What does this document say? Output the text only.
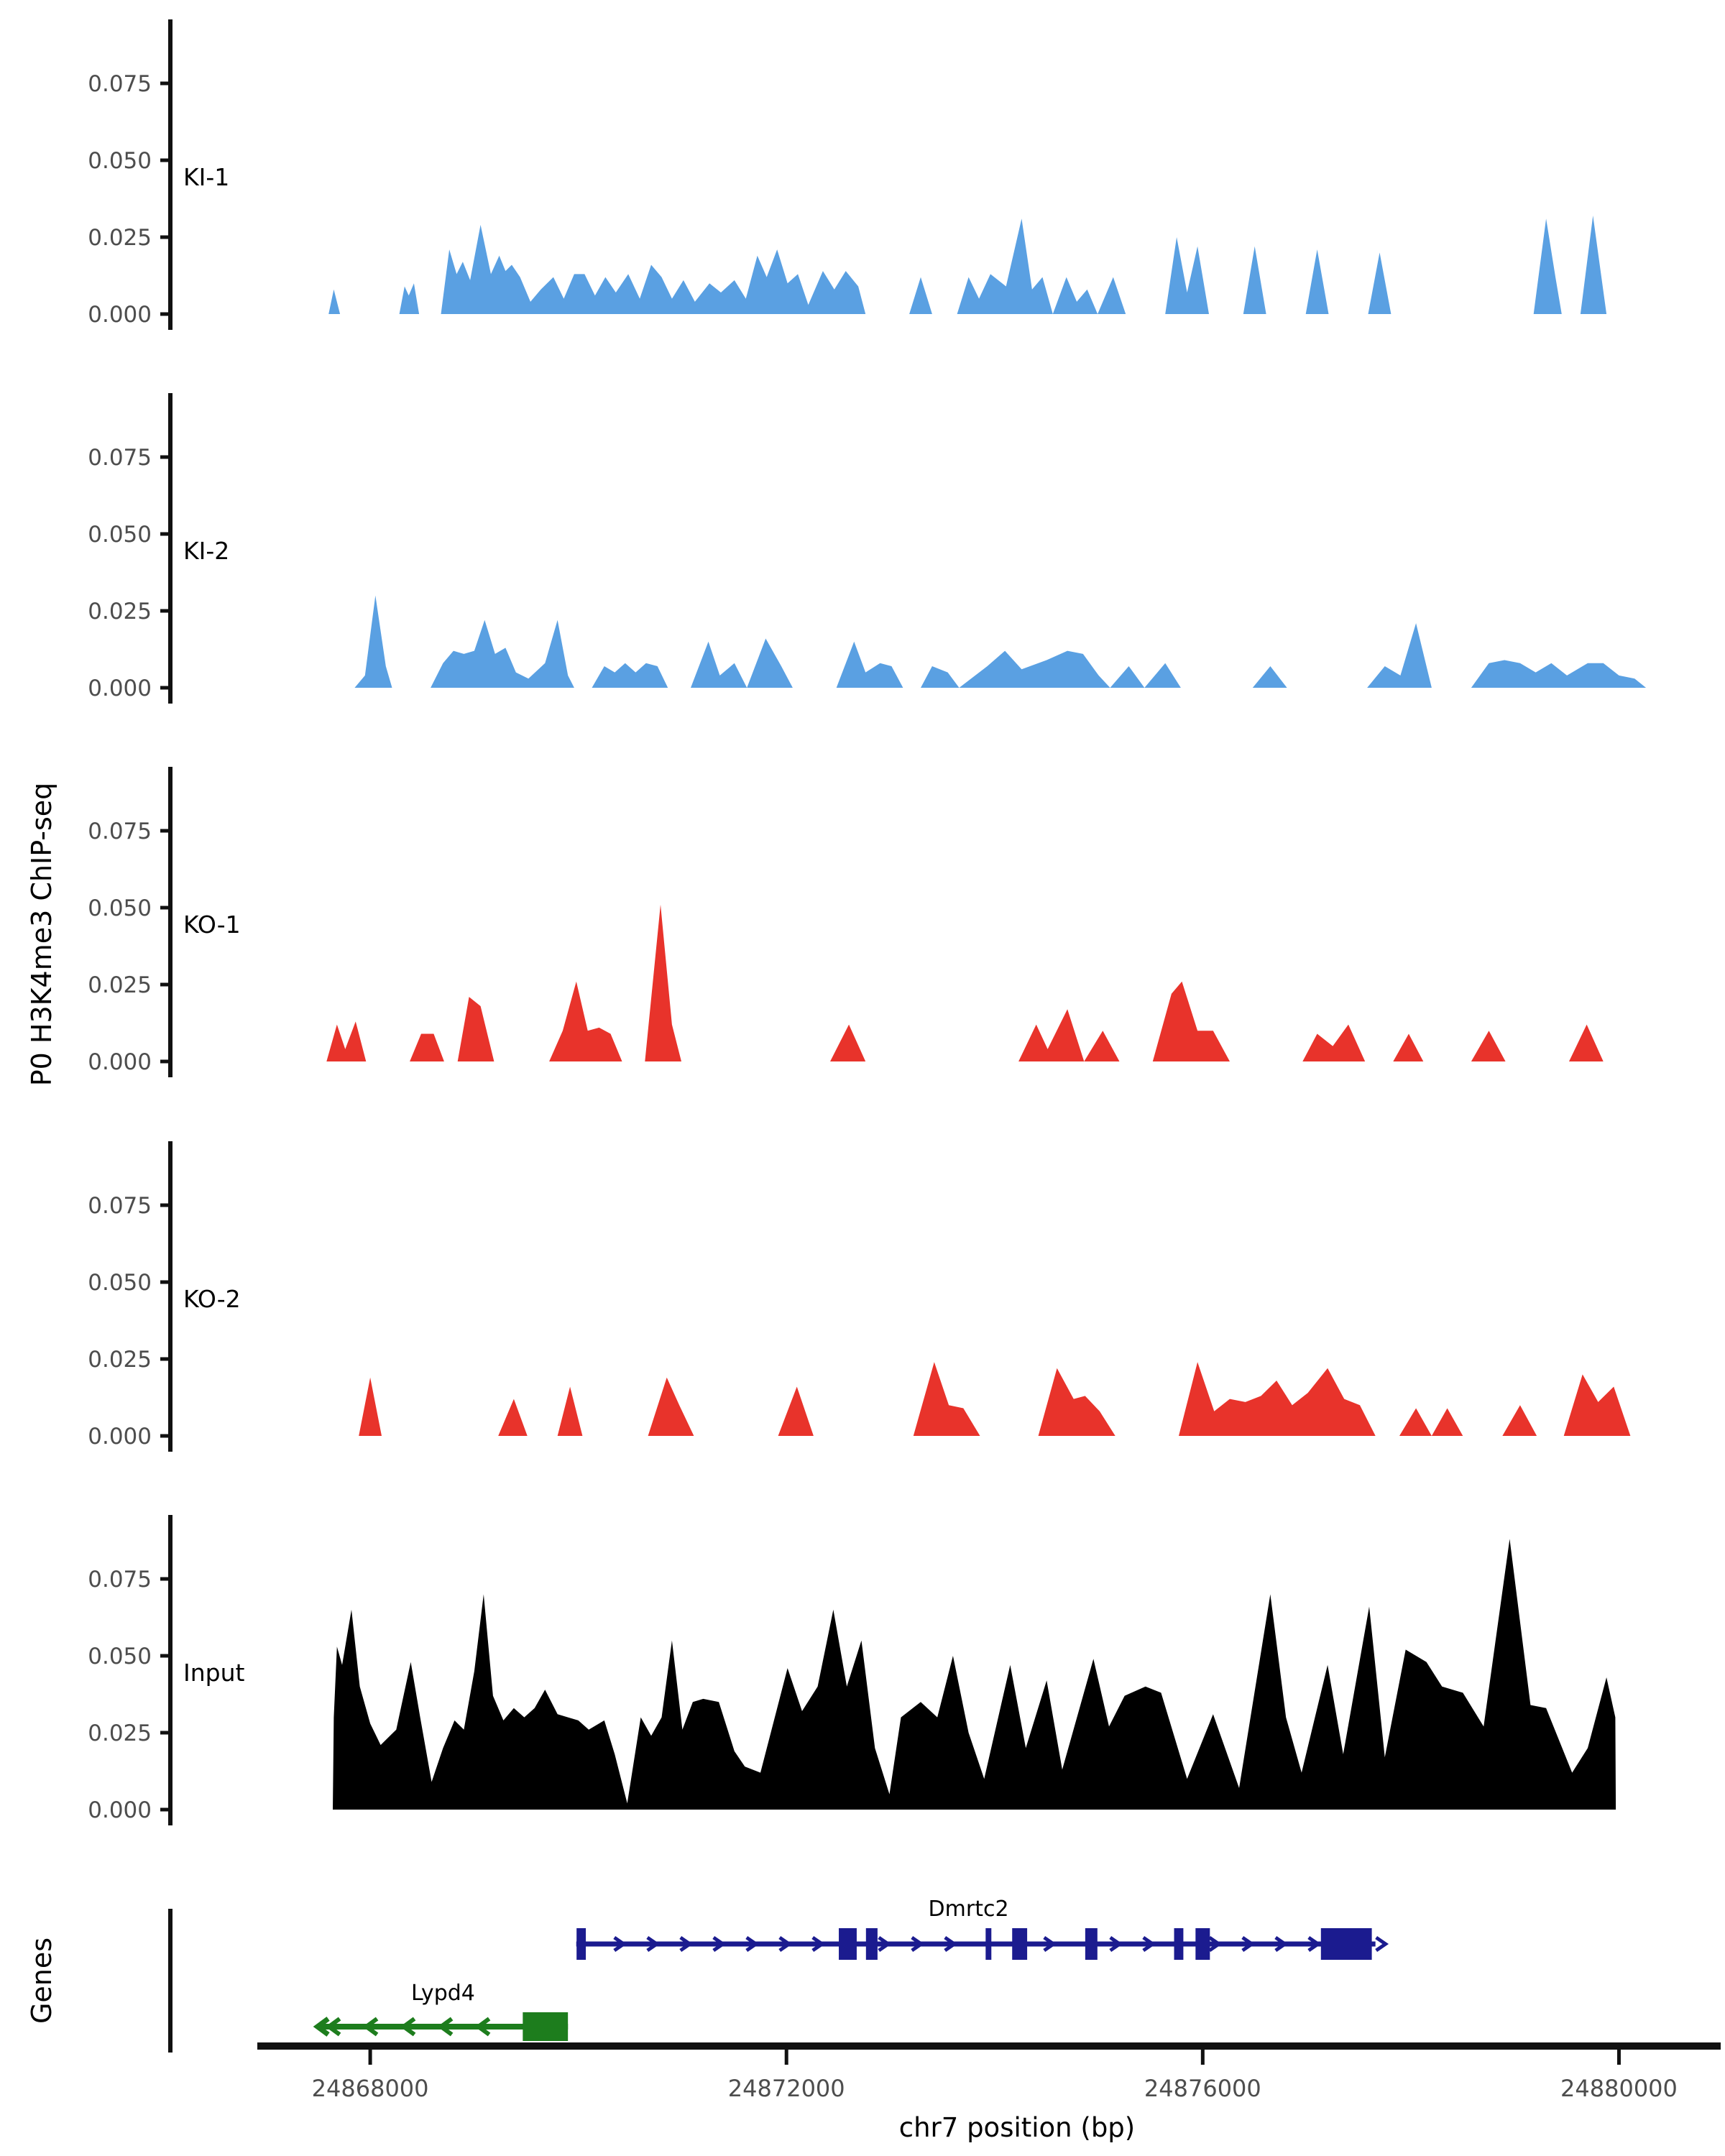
0.000
0.025
0.050
0.075
0.000
0.025
0.050
0.075
0.000
0.025
0.050
0.075
0.000
0.025
0.050
0.075
0.000
0.025
0.050
0.075
24868000	24872000	24876000	24880000
P0 H3K4me3 ChIP-seq
Genes
KI-1
KI-2
KO-1
KO-2
Input
Dmrtc2
Lypd4
chr7 position (bp)
